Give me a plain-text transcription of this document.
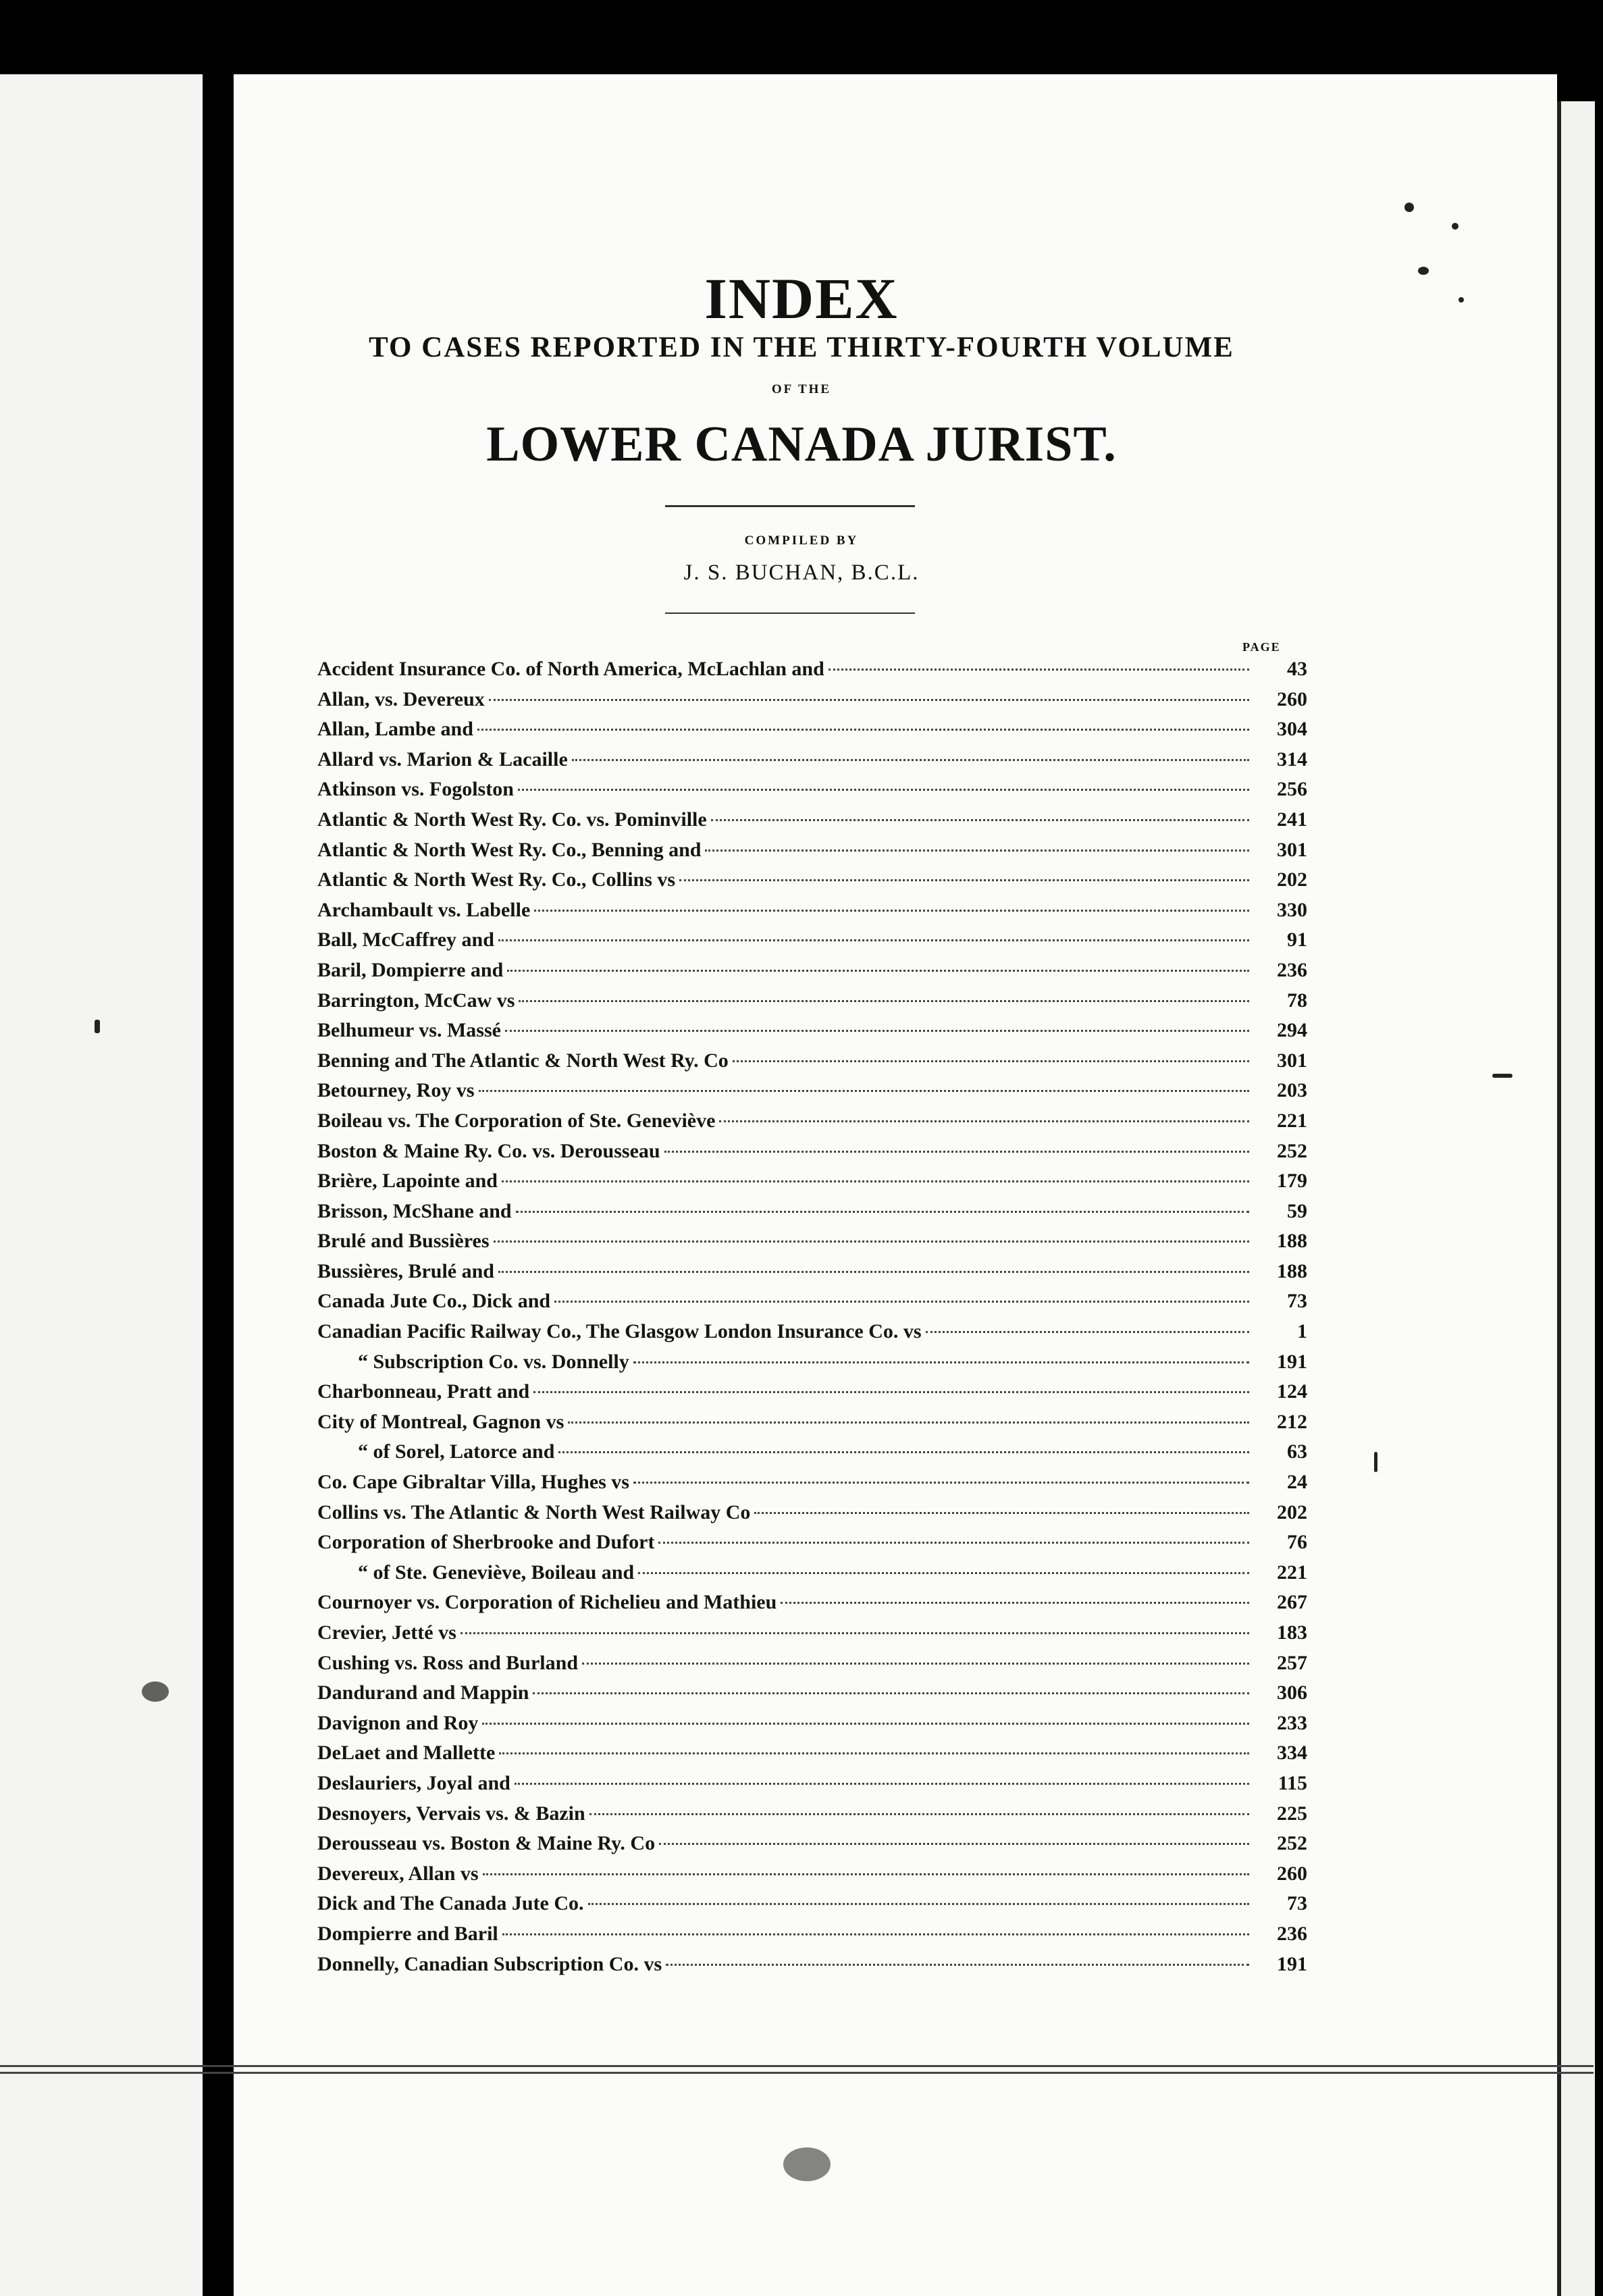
INDEX
TO CASES REPORTED IN THE THIRTY-FOURTH VOLUME
OF THE
LOWER CANADA JURIST.
COMPILED BY
J. S. BUCHAN, B.C.L.
PAGE
Accident Insurance Co. of North America, McLachlan and	43
Allan, vs. Devereux	260
Allan, Lambe and	304
Allard vs. Marion & Lacaille	314
Atkinson vs. Fogolston	256
Atlantic & North West Ry. Co. vs. Pominville	241
Atlantic & North West Ry. Co., Benning and	301
Atlantic & North West Ry. Co., Collins vs	202
Archambault vs. Labelle	330
Ball, McCaffrey and	91
Baril, Dompierre and	236
Barrington, McCaw vs	78
Belhumeur vs. Massé	294
Benning and The Atlantic & North West Ry. Co	301
Betourney, Roy vs	203
Boileau vs. The Corporation of Ste. Geneviève	221
Boston & Maine Ry. Co. vs. Derousseau	252
Brière, Lapointe and	179
Brisson, McShane and	59
Brulé and Bussières	188
Bussières, Brulé and	188
Canada Jute Co., Dick and	73
Canadian Pacific Railway Co., The Glasgow London Insurance Co. vs	1
“ Subscription Co. vs. Donnelly	191
Charbonneau, Pratt and	124
City of Montreal, Gagnon vs	212
“ of Sorel, Latorce and	63
Co. Cape Gibraltar Villa, Hughes vs	24
Collins vs. The Atlantic & North West Railway Co	202
Corporation of Sherbrooke and Dufort	76
“ of Ste. Geneviève, Boileau and	221
Cournoyer vs. Corporation of Richelieu and Mathieu	267
Crevier, Jetté vs	183
Cushing vs. Ross and Burland	257
Dandurand and Mappin	306
Davignon and Roy	233
DeLaet and Mallette	334
Deslauriers, Joyal and	115
Desnoyers, Vervais vs. & Bazin	225
Derousseau vs. Boston & Maine Ry. Co	252
Devereux, Allan vs	260
Dick and The Canada Jute Co.	73
Dompierre and Baril	236
Donnelly, Canadian Subscription Co. vs	191
